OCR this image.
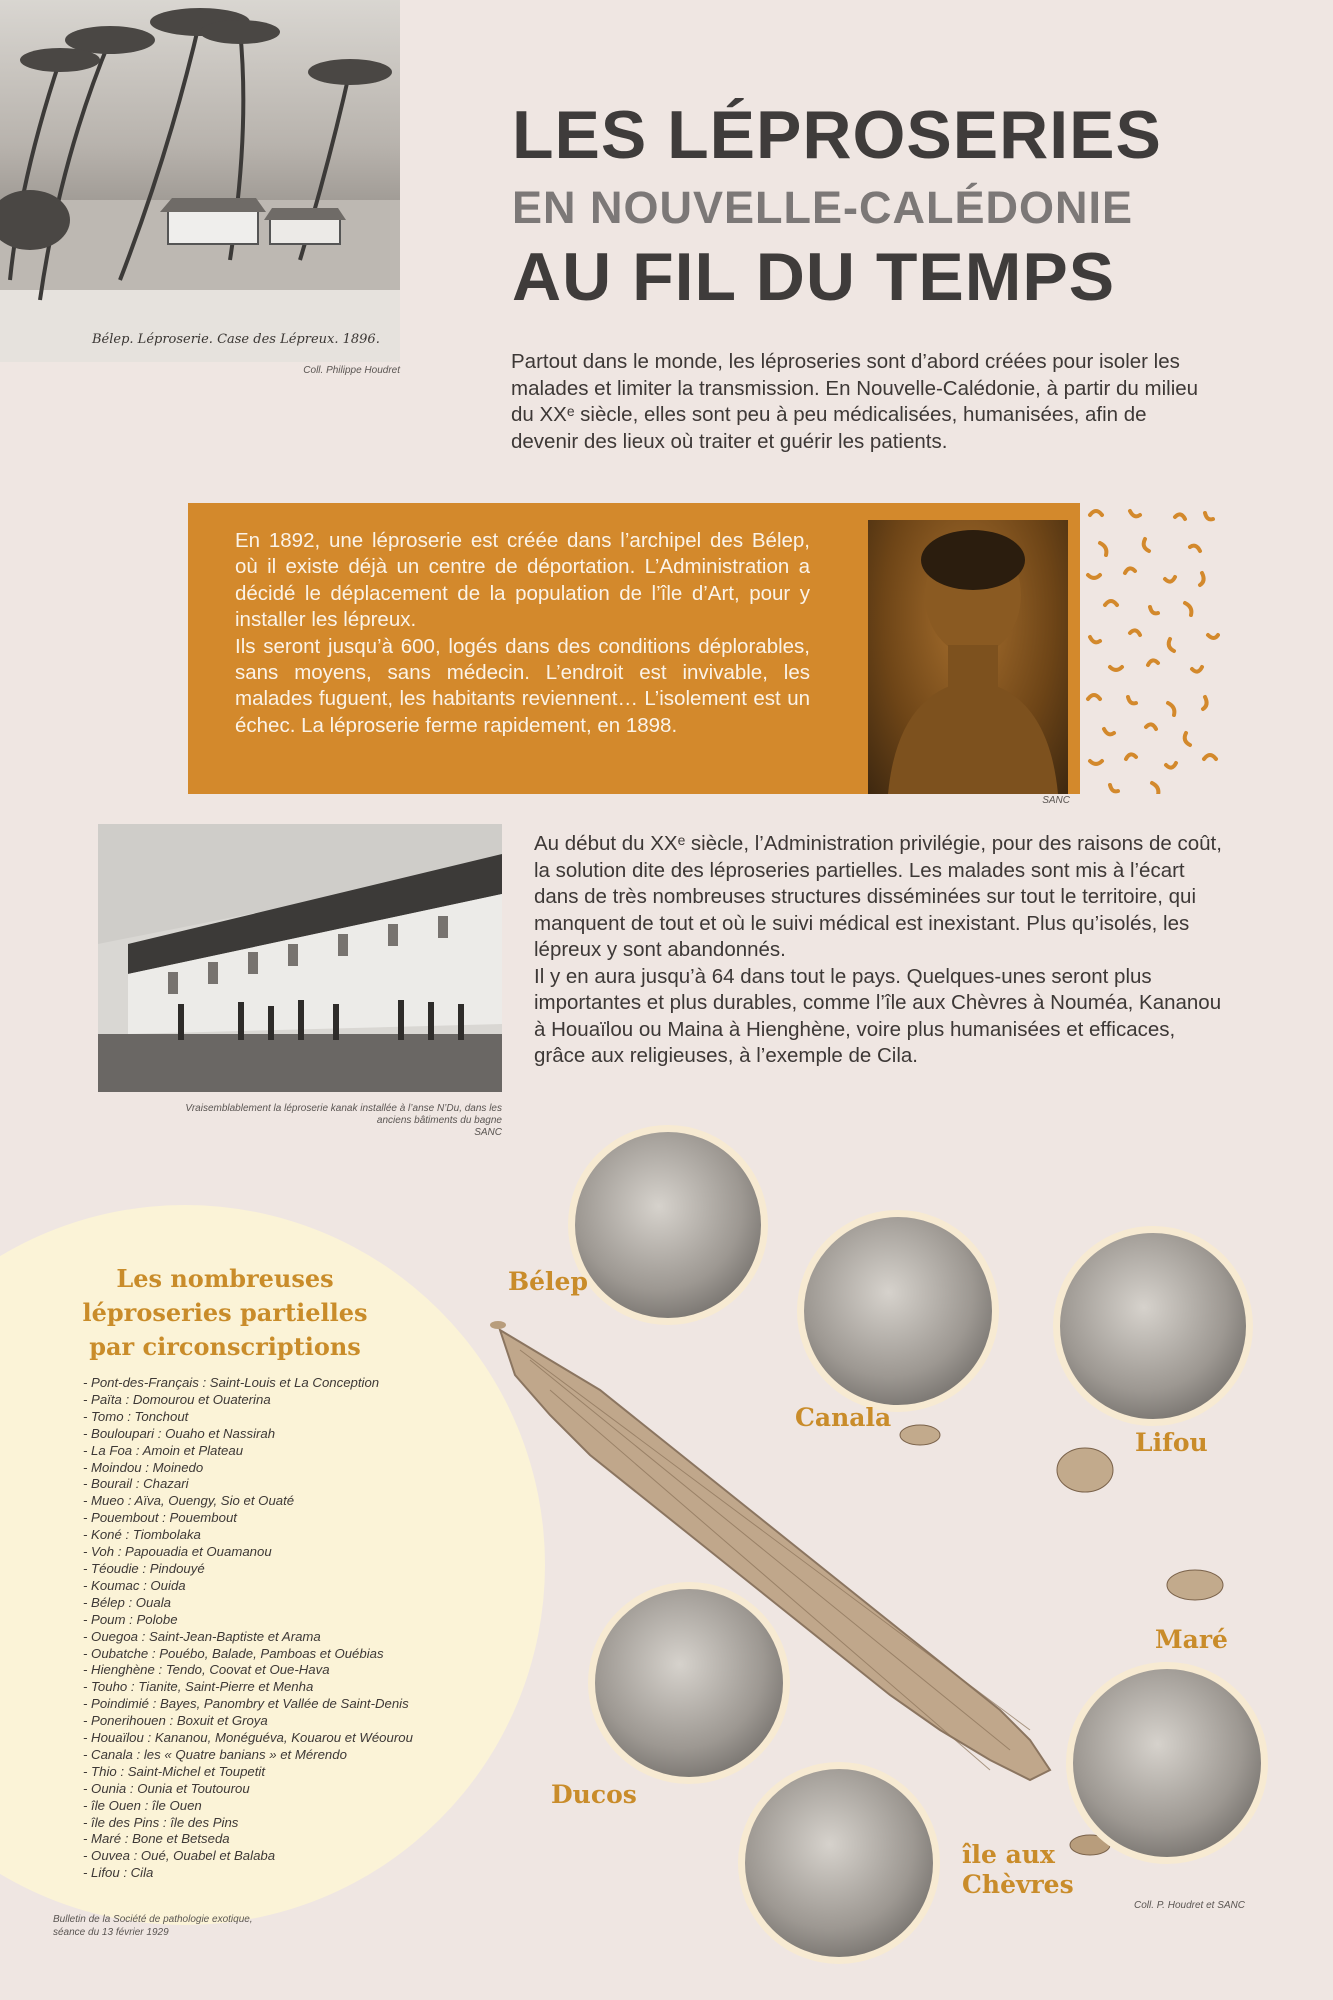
Bélep. Léproserie. Case des Lépreux. 1896.

Coll. Philippe Houdret

LES LÉPROSERIES
EN NOUVELLE-CALÉDONIE
AU FIL DU TEMPS

Partout dans le monde, les léproseries sont d’abord créées pour isoler les malades et limiter la transmission. En Nouvelle-Calédonie, à partir du milieu du XXᵉ siècle, elles sont peu à peu médicalisées, humanisées, afin de devenir des lieux où traiter et guérir les patients.

En 1892, une léproserie est créée dans l’archipel des Bélep, où il existe déjà un centre de déportation. L’Administration a décidé le déplacement de la population de l’île d’Art, pour y installer les lépreux.
Ils seront jusqu’à 600, logés dans des conditions déplorables, sans moyens, sans médecin. L’endroit est invivable, les malades fuguent, les habitants reviennent… L’isolement est un échec. La léproserie ferme rapidement, en 1898.

SANC

Vraisemblablement la léproserie kanak installée à l’anse N’Du, dans les
anciens bâtiments du bagne
SANC

Au début du XXᵉ siècle, l’Administration privilégie, pour des raisons de coût, la solution dite des léproseries partielles. Les malades sont mis à l’écart dans de très nombreuses structures disséminées sur tout le territoire, qui manquent de tout et où le suivi médical est inexistant. Plus qu’isolés, les lépreux y sont abandonnés.
Il y en aura jusqu’à 64 dans tout le pays. Quelques-unes seront plus importantes et plus durables, comme l’île aux Chèvres à Nouméa, Kananou à Houaïlou ou Maina à Hienghène, voire plus humanisées et efficaces, grâce aux religieuses, à l’exemple de Cila.

Les nombreuses
léproseries partielles
par circonscriptions
- Pont-des-Français : Saint-Louis et La Conception
- Païta : Domourou et Ouaterina
- Tomo : Tonchout
- Bouloupari : Ouaho et Nassirah
- La Foa : Amoin et Plateau
- Moindou : Moinedo
- Bourail : Chazari
- Mueo : Aïva, Ouengy, Sio et Ouaté
- Pouembout : Pouembout
- Koné : Tiombolaka
- Voh : Papouadia et Ouamanou
- Téoudie : Pindouyé
- Koumac : Ouida
- Bélep : Ouala
- Poum : Polobe
- Ouegoa : Saint-Jean-Baptiste et Arama
- Oubatche : Pouébo, Balade, Pamboas et Ouébias
- Hienghène : Tendo, Coovat et Oue-Hava
- Touho : Tianite, Saint-Pierre et Menha
- Poindimié : Bayes, Panombry et Vallée de Saint-Denis
- Ponerihouen : Boxuit et Groya
- Houaïlou : Kananou, Monéguéva, Kouarou et Wéourou
- Canala : les « Quatre banians » et Mérendo
- Thio : Saint-Michel et Toupetit
- Ounia : Ounia et Toutourou
- île Ouen : île Ouen
- île des Pins : île des Pins
- Maré : Bone et Betseda
- Ouvea : Oué, Ouabel et Balaba
- Lifou : Cila

Bulletin de la Société de pathologie exotique,
séance du 13 février 1929

Bélep

Canala

Lifou

Maré

Ducos

île aux
Chèvres

Coll. P. Houdret et SANC
